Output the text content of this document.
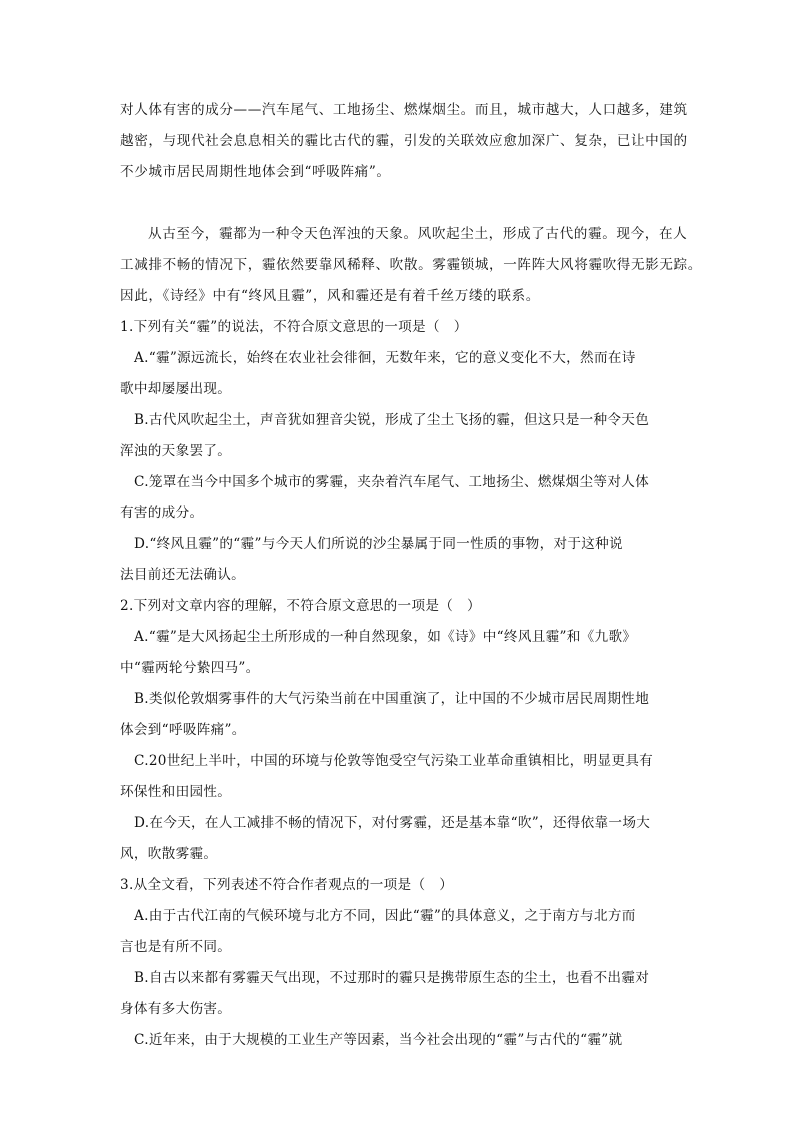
对人体有害的成分——汽车尾气、工地扬尘、燃煤烟尘。而且，城市越大，人口越多，建筑
越密，与现代社会息息相关的霾比古代的霾，引发的关联效应愈加深广、复杂，已让中国的
不少城市居民周期性地体会到“呼吸阵痛”。
从古至今，霾都为一种令天色浑浊的天象。风吹起尘土，形成了古代的霾。现今，在人
工减排不畅的情况下，霾依然要靠风稀释、吹散。雾霾锁城，一阵阵大风将霾吹得无影无踪。
因此，《诗经》中有“终风且霾”，风和霾还是有着千丝万缕的联系。
1.下列有关“霾”的说法，不符合原文意思的一项是（　）
A.“霾”源远流长，始终在农业社会徘徊，无数年来，它的意义变化不大，然而在诗
歌中却屡屡出现。
B.古代风吹起尘土，声音犹如狸音尖锐，形成了尘土飞扬的霾，但这只是一种令天色
浑浊的天象罢了。
C.笼罩在当今中国多个城市的雾霾，夹杂着汽车尾气、工地扬尘、燃煤烟尘等对人体
有害的成分。
D.“终风且霾”的“霾”与今天人们所说的沙尘暴属于同一性质的事物，对于这种说
法目前还无法确认。
2.下列对文章内容的理解，不符合原文意思的一项是（　）
A.“霾”是大风扬起尘土所形成的一种自然现象，如《诗》中“终风且霾”和《九歌》
中“霾两轮兮絷四马”。
B.类似伦敦烟雾事件的大气污染当前在中国重演了，让中国的不少城市居民周期性地
体会到“呼吸阵痛”。
C.20世纪上半叶，中国的环境与伦敦等饱受空气污染工业革命重镇相比，明显更具有
环保性和田园性。
D.在今天，在人工减排不畅的情况下，对付雾霾，还是基本靠“吹”，还得依靠一场大
风，吹散雾霾。
3.从全文看，下列表述不符合作者观点的一项是（　）
A.由于古代江南的气候环境与北方不同，因此“霾”的具体意义，之于南方与北方而
言也是有所不同。
B.自古以来都有雾霾天气出现，不过那时的霾只是携带原生态的尘土，也看不出霾对
身体有多大伤害。
C.近年来，由于大规模的工业生产等因素，当今社会出现的“霾”与古代的“霾”就
